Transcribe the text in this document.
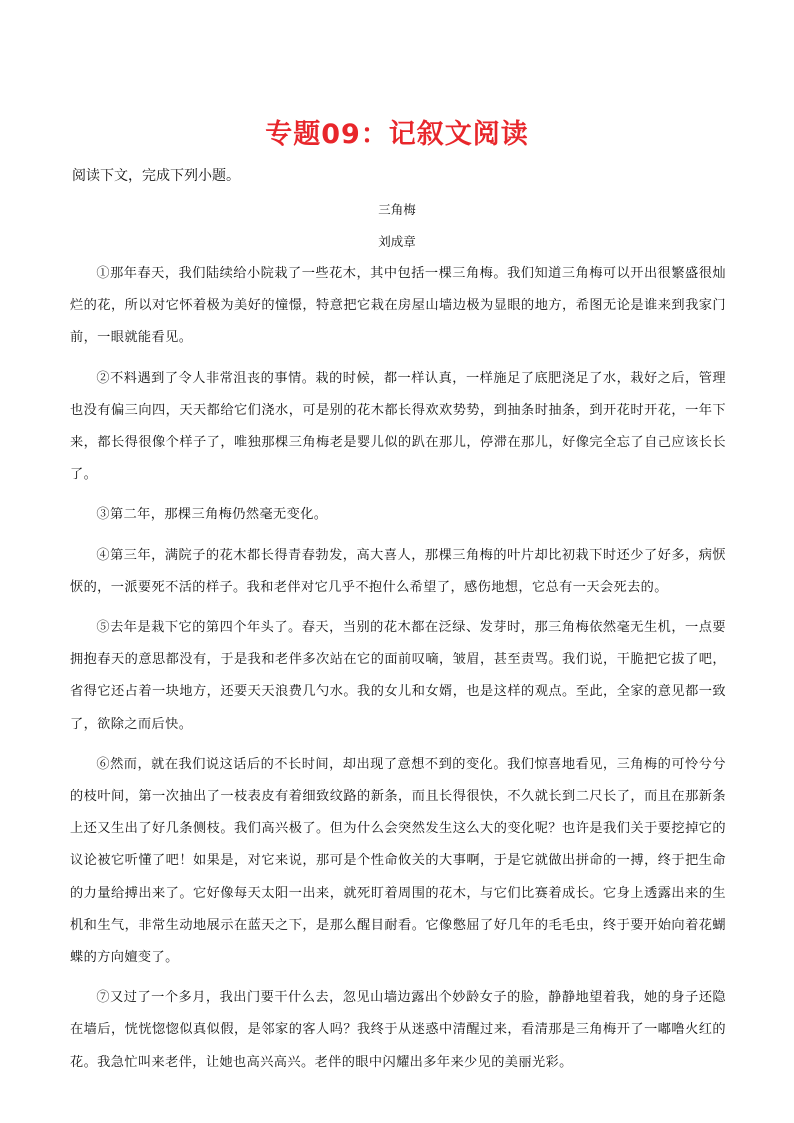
专题09：记叙文阅读
阅读下文，完成下列小题。
三角梅
刘成章

①那年春天，我们陆续给小院栽了一些花木，其中包括一棵三角梅。我们知道三角梅可以开出很繁盛很灿烂的花，所以对它怀着极为美好的憧憬，特意把它栽在房屋山墙边极为显眼的地方，希图无论是谁来到我家门前，一眼就能看见。

②不料遇到了令人非常沮丧的事情。栽的时候，都一样认真，一样施足了底肥浇足了水，栽好之后，管理也没有偏三向四，天天都给它们浇水，可是别的花木都长得欢欢势势，到抽条时抽条，到开花时开花，一年下来，都长得很像个样子了，唯独那棵三角梅老是婴儿似的趴在那儿，停滞在那儿，好像完全忘了自己应该长长了。

③第二年，那棵三角梅仍然毫无变化。

④第三年，满院子的花木都长得青春勃发，高大喜人，那棵三角梅的叶片却比初栽下时还少了好多，病恹恹的，一派要死不活的样子。我和老伴对它几乎不抱什么希望了，感伤地想，它总有一天会死去的。

⑤去年是栽下它的第四个年头了。春天，当别的花木都在泛绿、发芽时，那三角梅依然毫无生机，一点要拥抱春天的意思都没有，于是我和老伴多次站在它的面前叹嘀，皱眉，甚至责骂。我们说，干脆把它拔了吧，省得它还占着一块地方，还要天天浪费几勺水。我的女儿和女婿，也是这样的观点。至此，全家的意见都一致了，欲除之而后快。

⑥然而，就在我们说这话后的不长时间，却出现了意想不到的变化。我们惊喜地看见，三角梅的可怜兮兮的枝叶间，第一次抽出了一枝表皮有着细致纹路的新条，而且长得很快，不久就长到二尺长了，而且在那新条上还又生出了好几条侧枝。我们高兴极了。但为什么会突然发生这么大的变化呢？也许是我们关于要挖掉它的议论被它听懂了吧！如果是，对它来说，那可是个性命攸关的大事啊，于是它就做出拼命的一搏，终于把生命的力量给搏出来了。它好像每天太阳一出来，就死盯着周围的花木，与它们比赛着成长。它身上透露出来的生机和生气，非常生动地展示在蓝天之下，是那么醒目耐看。它像憋屈了好几年的毛毛虫，终于要开始向着花蝴蝶的方向嬗变了。

⑦又过了一个多月，我出门要干什么去，忽见山墙边露出个妙龄女子的脸，静静地望着我，她的身子还隐在墙后，恍恍惚惚似真似假，是邻家的客人吗？我终于从迷惑中清醒过来，看清那是三角梅开了一嘟噜火红的花。我急忙叫来老伴，让她也高兴高兴。老伴的眼中闪耀出多年来少见的美丽光彩。
